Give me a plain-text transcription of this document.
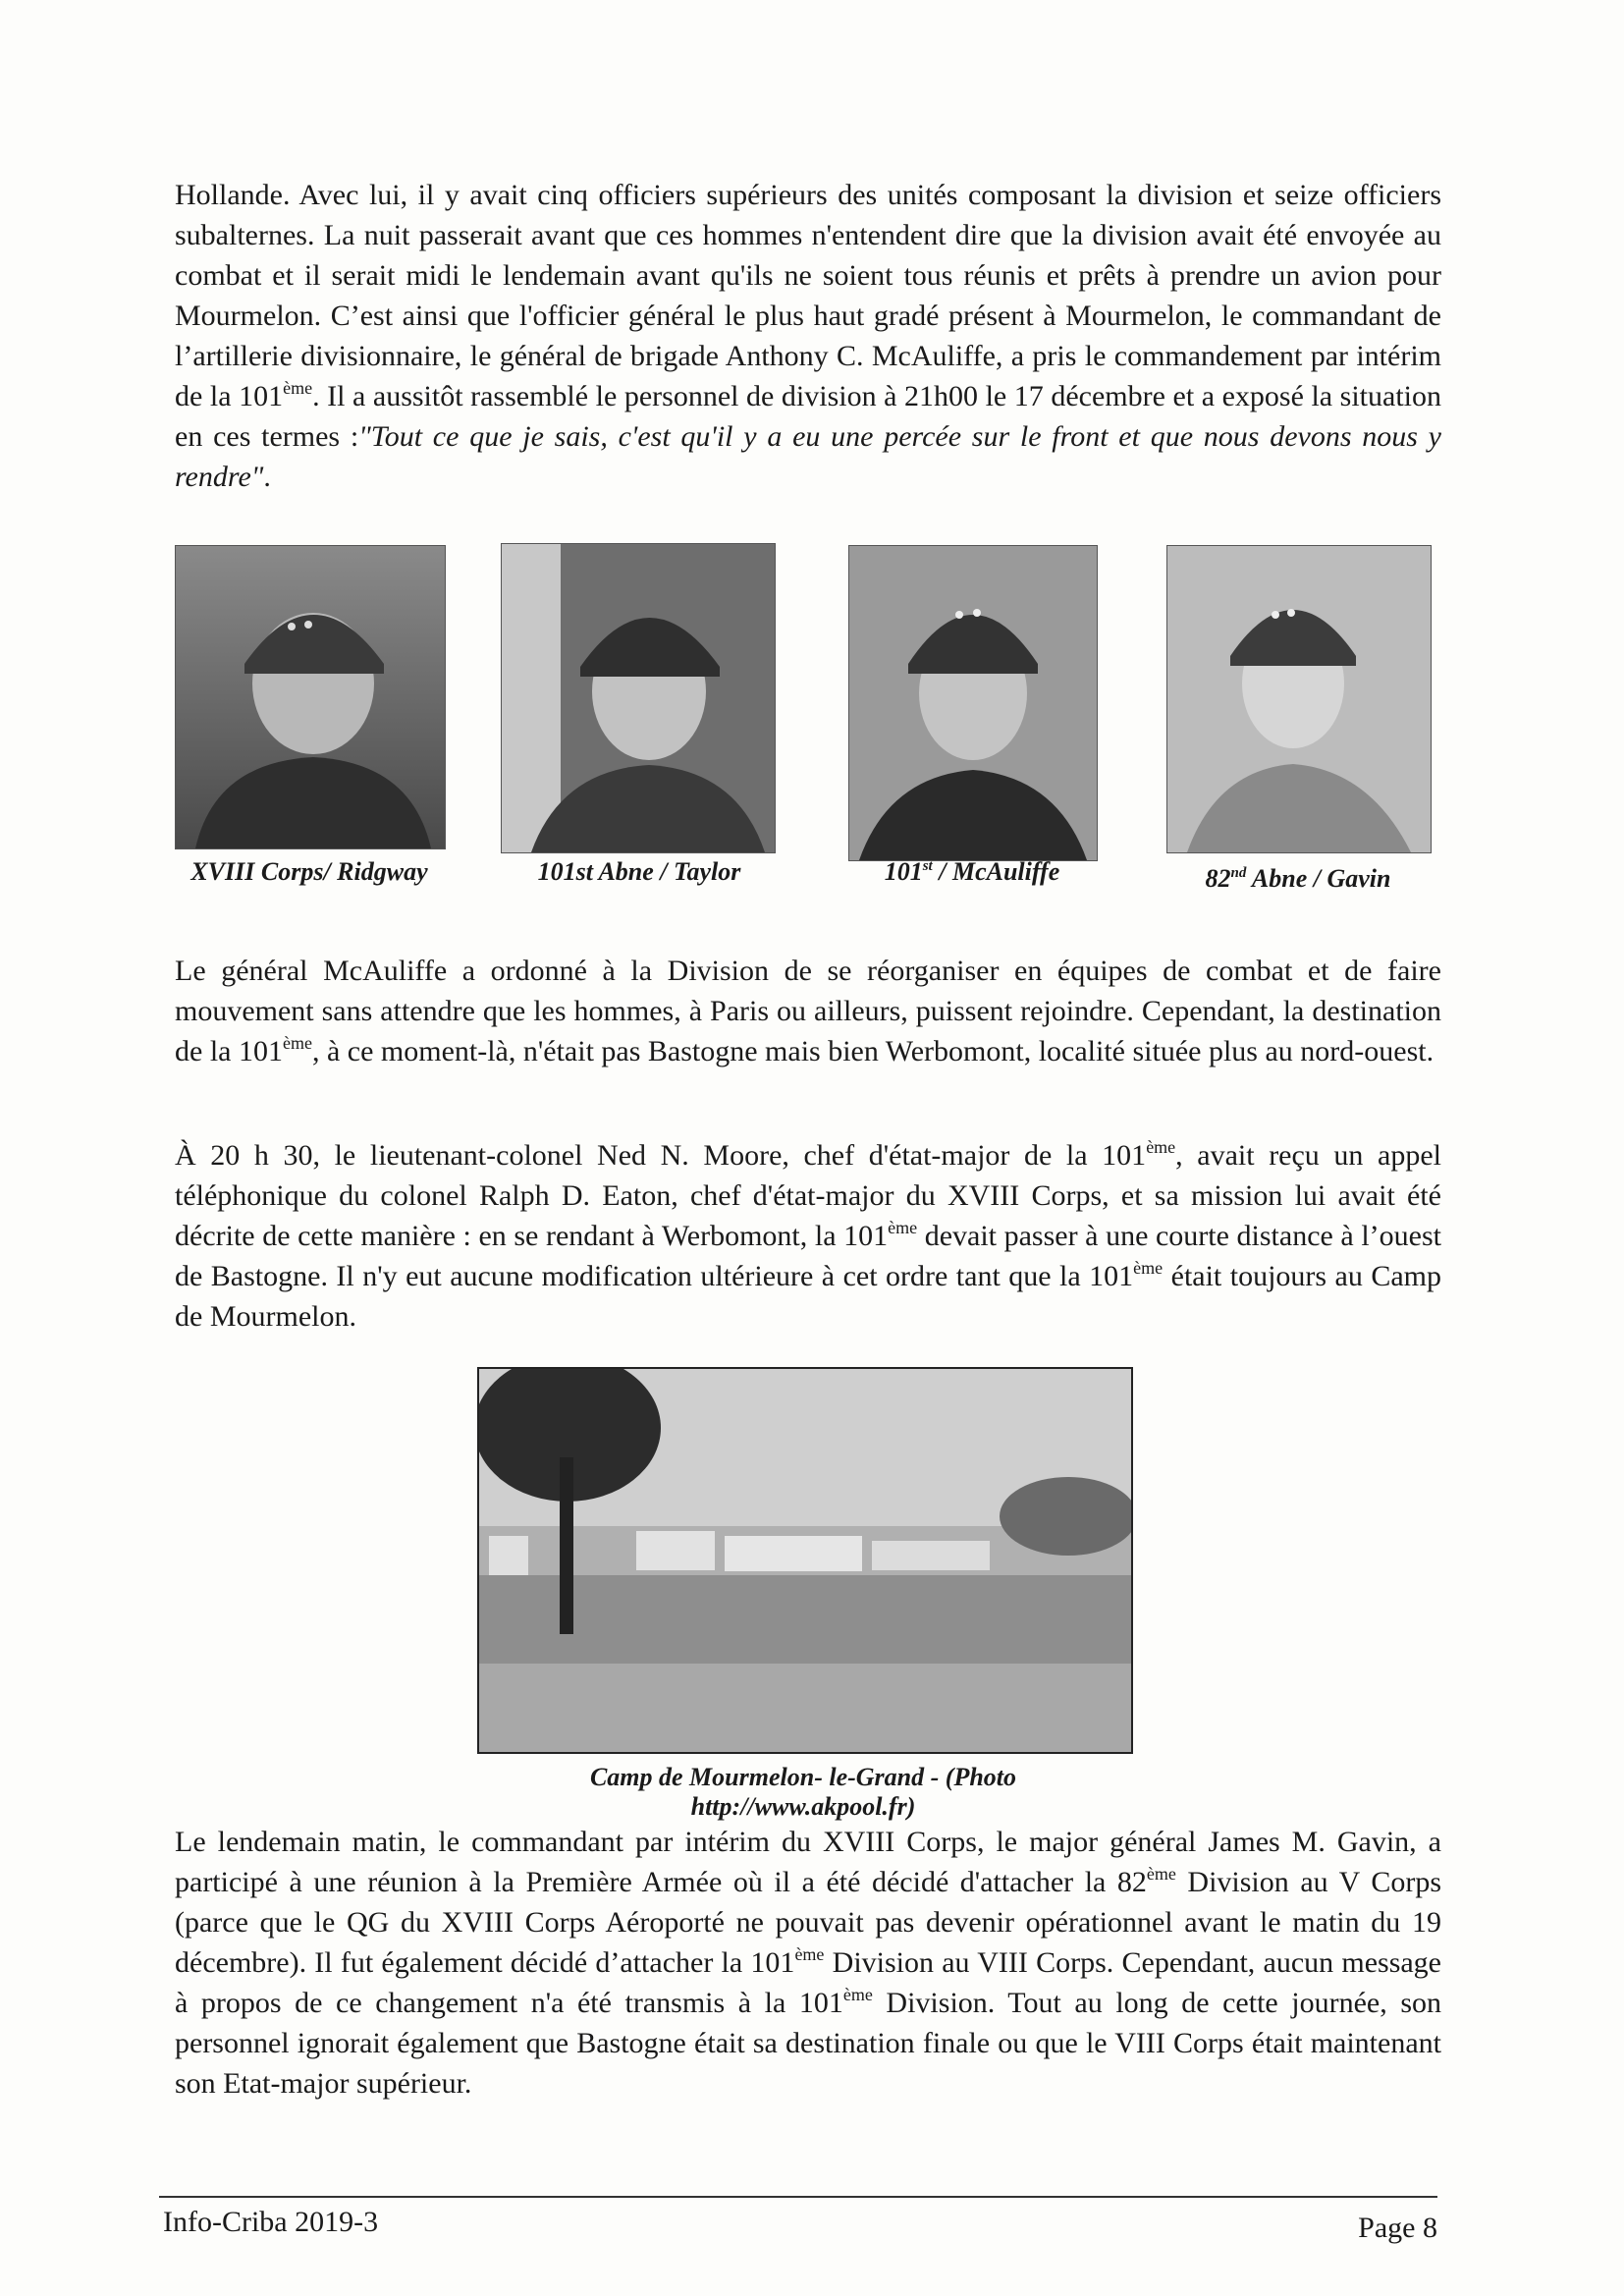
Hollande. Avec lui, il y avait cinq officiers supérieurs des unités composant la division et seize officiers subalternes. La nuit passerait avant que ces hommes n'entendent dire que la division avait été envoyée au combat et il serait midi le lendemain avant qu'ils ne soient tous réunis et prêts à prendre un avion pour Mourmelon. C’est ainsi que l'officier général le plus haut gradé présent à Mourmelon, le commandant de l’artillerie divisionnaire, le général de brigade Anthony C. McAuliffe, a pris le commandement par intérim de la 101ème. Il a aussitôt rassemblé le personnel de division à 21h00 le 17 décembre et a exposé la situation en ces termes :"Tout ce que je sais, c'est qu'il y a eu une percée sur le front et que nous devons nous y rendre".

XVIII Corps/ Ridgway	101st Abne / Taylor	101st / McAuliffe	82nd Abne / Gavin

Le général McAuliffe a ordonné à la Division de se réorganiser en équipes de combat et de faire mouvement sans attendre que les hommes, à Paris ou ailleurs, puissent rejoindre. Cependant, la destination de la 101ème, à ce moment-là, n'était pas Bastogne mais bien Werbomont, localité située plus au nord-ouest.

À 20 h 30, le lieutenant-colonel Ned N. Moore, chef d'état-major de la 101ème, avait reçu un appel téléphonique du colonel Ralph D. Eaton, chef d'état-major du XVIII Corps, et sa mission lui avait été décrite de cette manière : en se rendant à Werbomont, la 101ème devait passer à une courte distance à l’ouest de Bastogne. Il n'y eut aucune modification ultérieure à cet ordre tant que la 101ème était toujours au Camp de Mourmelon.

Camp de Mourmelon- le-Grand - (Photo http://www.akpool.fr)

Le lendemain matin, le commandant par intérim du XVIII Corps, le major général James M. Gavin, a participé à une réunion à la Première Armée où il a été décidé d'attacher la 82ème Division au V Corps (parce que le QG du XVIII Corps Aéroporté ne pouvait pas devenir opérationnel avant le matin du 19 décembre). Il fut également décidé d’attacher la 101ème Division au VIII Corps. Cependant, aucun message à propos de ce changement n'a été transmis à la 101ème Division. Tout au long de cette journée, son personnel ignorait également que Bastogne était sa destination finale ou que le VIII Corps était maintenant son Etat-major supérieur.

Info-Criba 2019-3	Page 8
